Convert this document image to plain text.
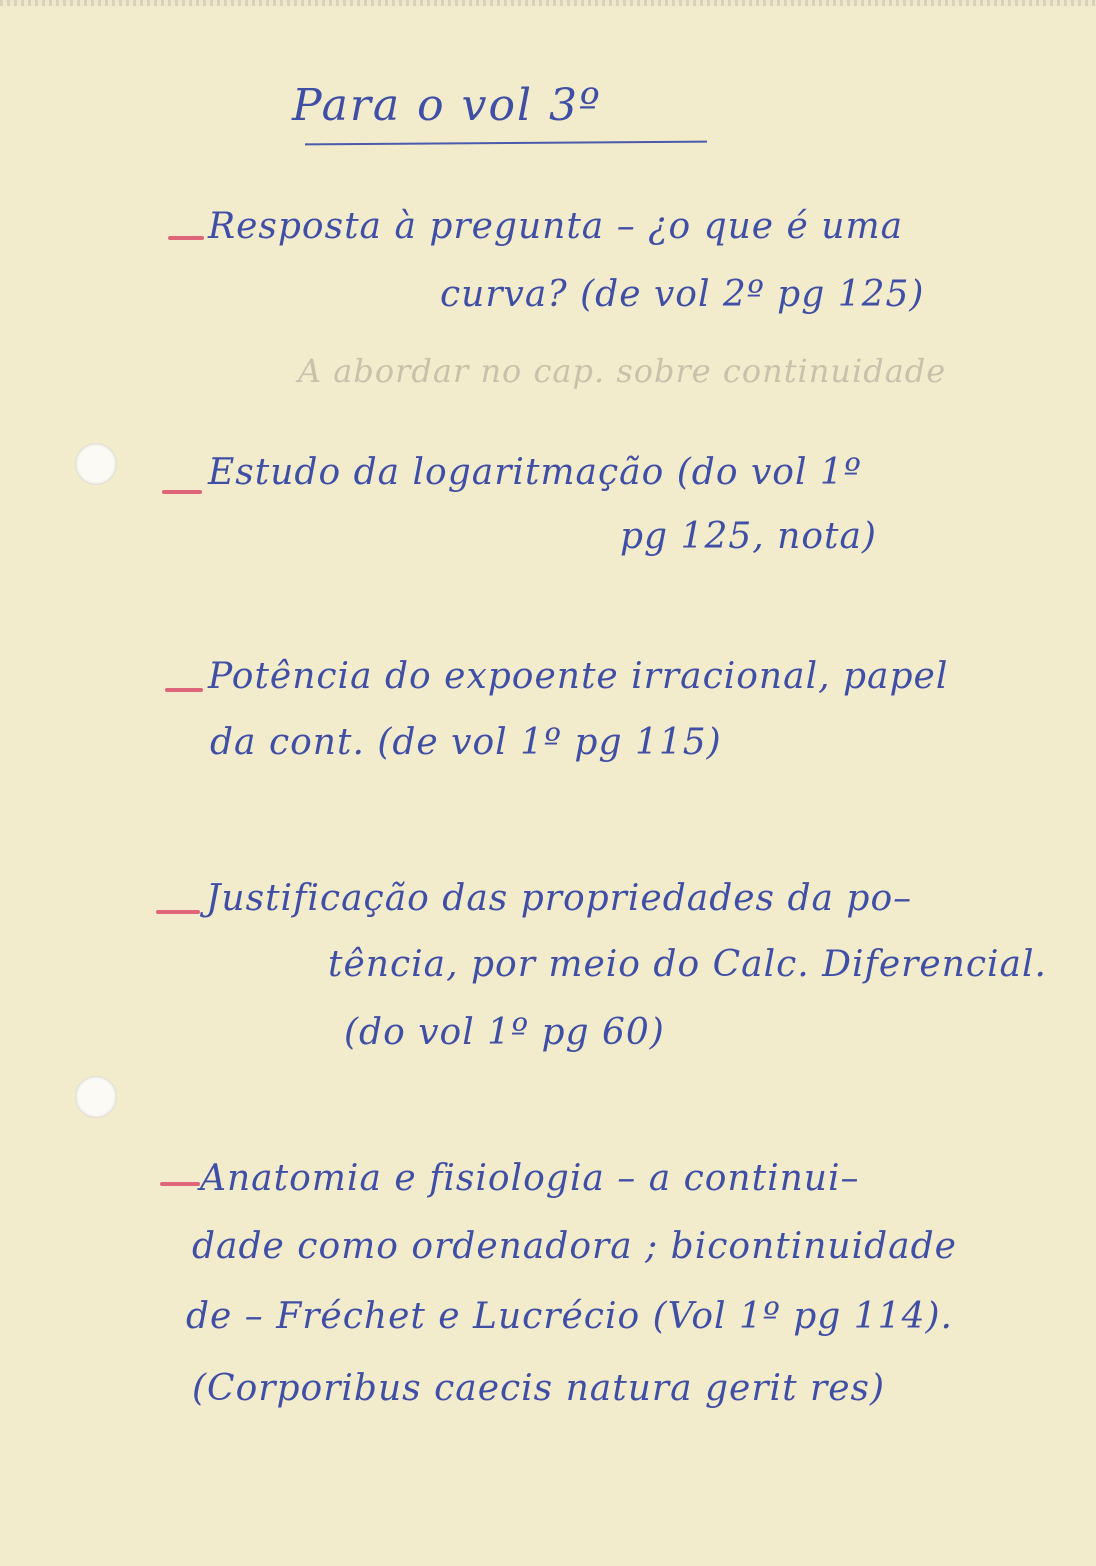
Para o vol 3º
Resposta à pregunta – ¿o que é uma
curva? (de vol 2º pg 125)
A abordar no cap. sobre continuidade
Estudo da logaritmação (do vol 1º
pg 125, nota)
Potência do expoente irracional, papel
da cont. (de vol 1º pg 115)
Justificação das propriedades da po–
tência, por meio do Calc. Diferencial.
(do vol 1º pg 60)
Anatomia e fisiologia – a continui–
dade como ordenadora ; bicontinuidade
de – Fréchet e Lucrécio (Vol 1º pg 114).
(Corporibus caecis natura gerit res)
